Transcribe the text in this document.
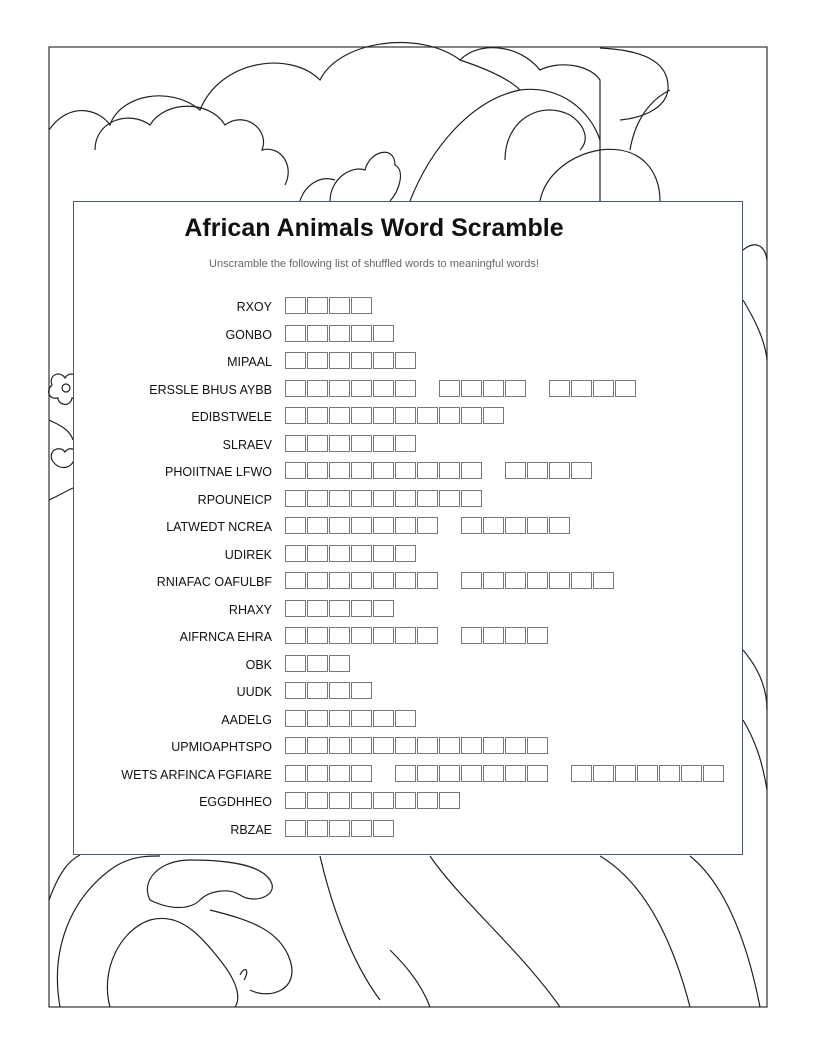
African Animals Word Scramble

Unscramble the following list of shuffled words to meaningful words!

RXOY
GONBO
MIPAAL
ERSSLE BHUS AYBB
EDIBSTWELE
SLRAEV
PHOIITNAE LFWO
RPOUNEICP
LATWEDT NCREA
UDIREK
RNIAFAC OAFULBF
RHAXY
AIFRNCA EHRA
OBK
UUDK
AADELG
UPMIOAPHTSPO
WETS ARFINCA FGFIARE
EGGDHHEO
RBZAE
